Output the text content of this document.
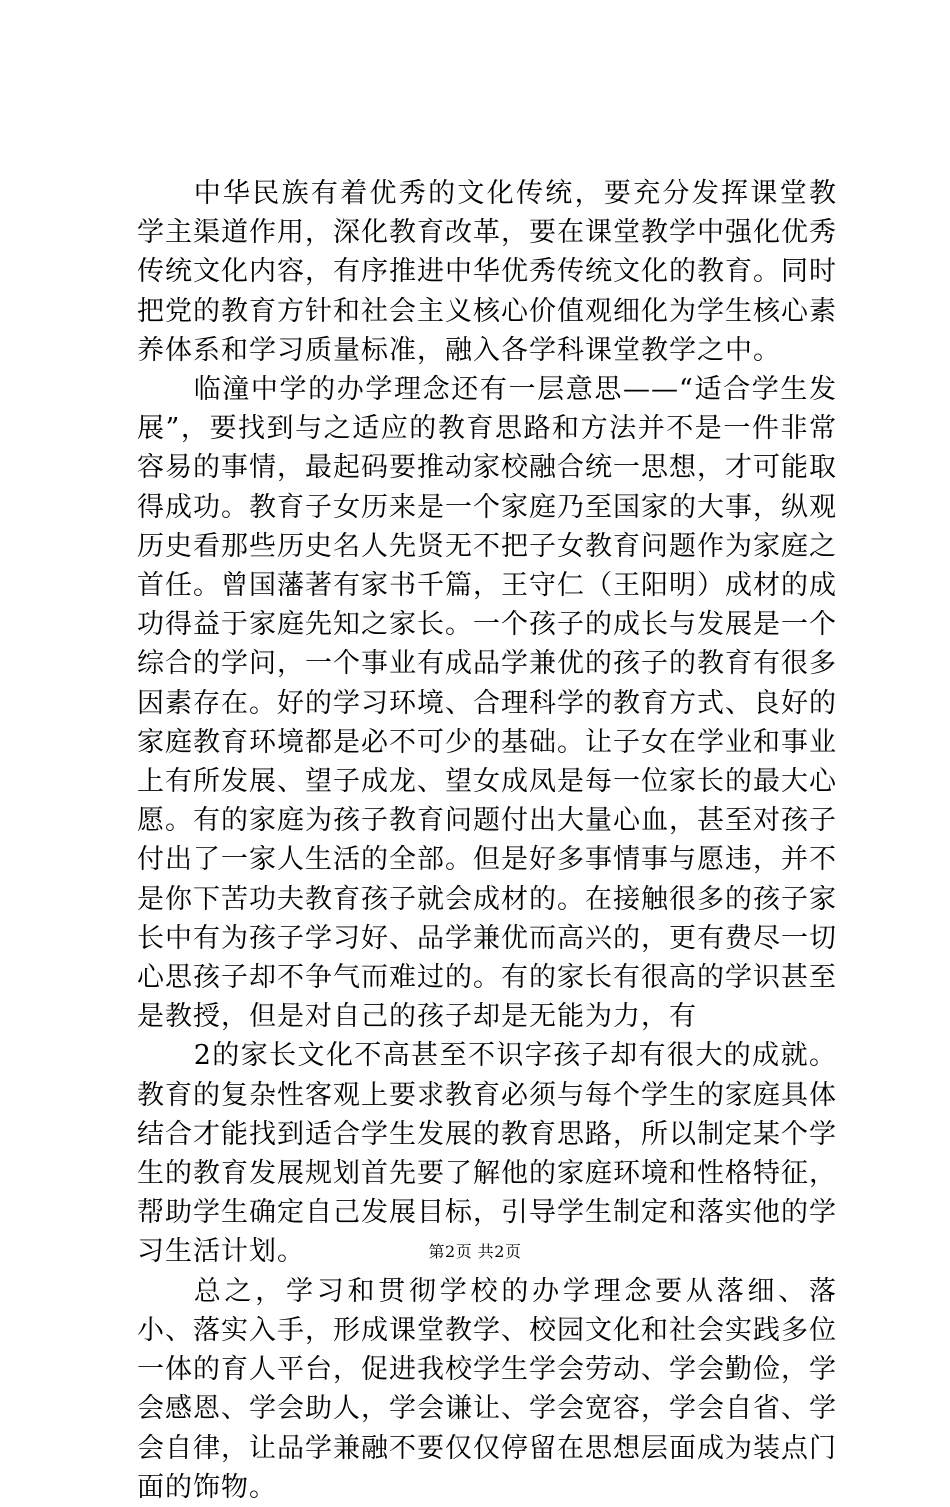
中华民族有着优秀的文化传统，要充分发挥课堂教学主渠道作用，深化教育改革，要在课堂教学中强化优秀传统文化内容，有序推进中华优秀传统文化的教育。同时把党的教育方针和社会主义核心价值观细化为学生核心素养体系和学习质量标准，融入各学科课堂教学之中。

临潼中学的办学理念还有一层意思——“适合学生发展”，要找到与之适应的教育思路和方法并不是一件非常容易的事情，最起码要推动家校融合统一思想，才可能取得成功。教育子女历来是一个家庭乃至国家的大事，纵观历史看那些历史名人先贤无不把子女教育问题作为家庭之首任。曾国藩著有家书千篇，王守仁（王阳明）成材的成功得益于家庭先知之家长。一个孩子的成长与发展是一个综合的学问，一个事业有成品学兼优的孩子的教育有很多因素存在。好的学习环境、合理科学的教育方式、良好的家庭教育环境都是必不可少的基础。让子女在学业和事业上有所发展、望子成龙、望女成凤是每一位家长的最大心愿。有的家庭为孩子教育问题付出大量心血，甚至对孩子付出了一家人生活的全部。但是好多事情事与愿违，并不是你下苦功夫教育孩子就会成材的。在接触很多的孩子家长中有为孩子学习好、品学兼优而高兴的，更有费尽一切心思孩子却不争气而难过的。有的家长有很高的学识甚至是教授，但是对自己的孩子却是无能为力，有

2的家长文化不高甚至不识字孩子却有很大的成就。教育的复杂性客观上要求教育必须与每个学生的家庭具体结合才能找到适合学生发展的教育思路，所以制定某个学生的教育发展规划首先要了解他的家庭环境和性格特征，帮助学生确定自己发展目标，引导学生制定和落实他的学习生活计划。

总之，学习和贯彻学校的办学理念要从落细、落小、落实入手，形成课堂教学、校园文化和社会实践多位一体的育人平台，促进我校学生学会劳动、学会勤俭，学会感恩、学会助人，学会谦让、学会宽容，学会自省、学会自律，让品学兼融不要仅仅停留在思想层面成为装点门面的饰物。

第2页 共2页
